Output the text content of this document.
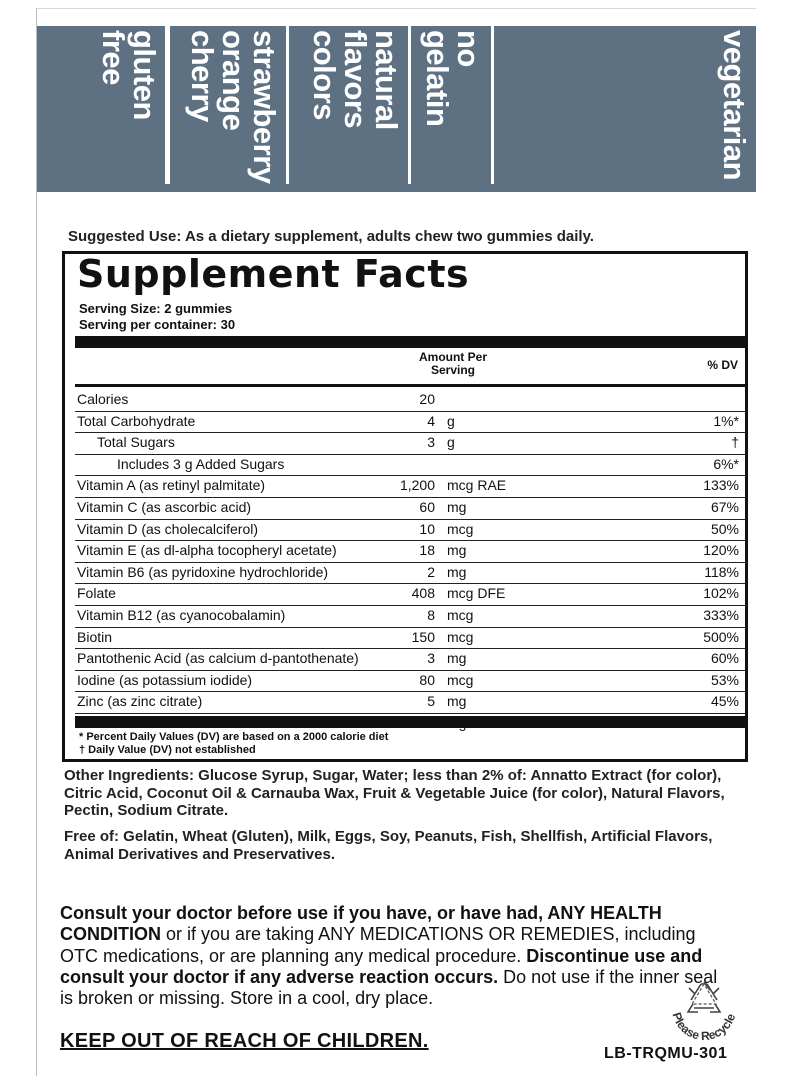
gluten
free	strawberry
orange
cherry	natural
flavors
colors	no
gelatin	vegetarian
Suggested Use: As a dietary supplement, adults chew two gummies daily.
Supplement Facts
Serving Size: 2 gummies
Serving per container: 30
Amount Per Serving	% DV
Calories	20
Total Carbohydrate	4 g	1%*
Total Sugars	3 g	†
Includes 3 g Added Sugars	6%*
Vitamin A (as retinyl palmitate)	1,200 mcg RAE	133%
Vitamin C (as ascorbic acid)	60 mg	67%
Vitamin D (as cholecalciferol)	10 mcg	50%
Vitamin E (as dl-alpha tocopheryl acetate)	18 mg	120%
Vitamin B6 (as pyridoxine hydrochloride)	2 mg	118%
Folate	408 mcg DFE	102%
Vitamin B12 (as cyanocobalamin)	8 mcg	333%
Biotin	150 mcg	500%
Pantothenic Acid (as calcium d-pantothenate)	3 mg	60%
Iodine (as potassium iodide)	80 mcg	53%
Zinc (as zinc citrate)	5 mg	45%
* Percent Daily Values (DV) are based on a 2000 calorie diet
† Daily Value (DV) not established
Other Ingredients: Glucose Syrup, Sugar, Water; less than 2% of: Annatto Extract (for color), Citric Acid, Coconut Oil & Carnauba Wax, Fruit & Vegetable Juice (for color), Natural Flavors, Pectin, Sodium Citrate.
Free of: Gelatin, Wheat (Gluten), Milk, Eggs, Soy, Peanuts, Fish, Shellfish, Artificial Flavors, Animal Derivatives and Preservatives.
Consult your doctor before use if you have, or have had, ANY HEALTH CONDITION or if you are taking ANY MEDICATIONS OR REMEDIES, including OTC medications, or are planning any medical procedure. Discontinue use and consult your doctor if any adverse reaction occurs. Do not use if the inner seal is broken or missing. Store in a cool, dry place.
KEEP OUT OF REACH OF CHILDREN.
Please Recycle
LB-TRQMU-301
